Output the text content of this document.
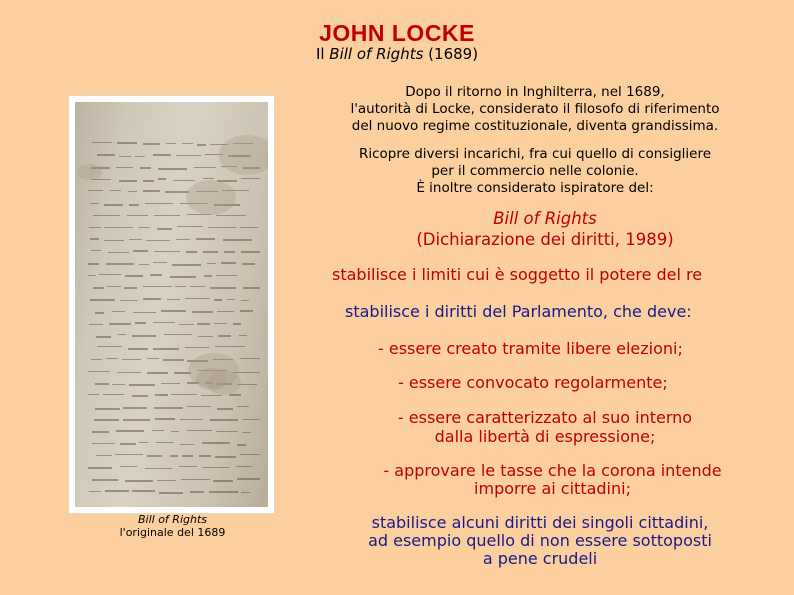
JOHN LOCKE
Il Bill of Rights (1689)
Dopo il ritorno in Inghilterra, nel 1689,
l'autorità di Locke, considerato il filosofo di riferimento
del nuovo regime costituzionale, diventa grandissima.
Ricopre diversi incarichi, fra cui quello di consigliere
per il commercio nelle colonie.
È inoltre considerato ispiratore del:
Bill of Rights
(Dichiarazione dei diritti, 1989)
stabilisce i limiti cui è soggetto il potere del re
stabilisce i diritti del Parlamento, che deve:
- essere creato tramite libere elezioni;
- essere convocato regolarmente;
- essere caratterizzato al suo interno
dalla libertà di espressione;
- approvare le tasse che la corona intende
imporre ai cittadini;
stabilisce alcuni diritti dei singoli cittadini,
ad esempio quello di non essere sottoposti
a pene crudeli
Bill of Rights
l'originale del 1689
